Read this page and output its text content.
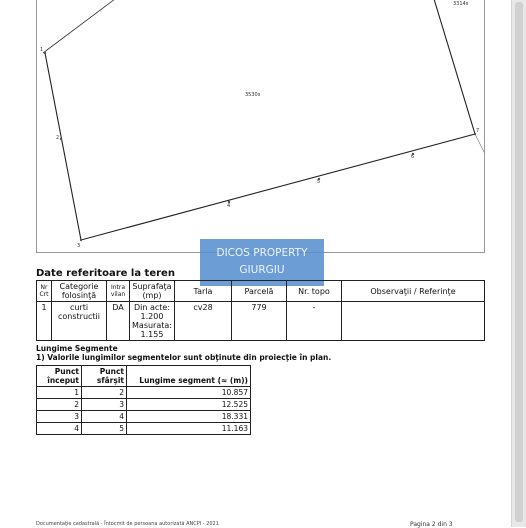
1
2
3
4
5
6
7
3530s
3314s
DICOS PROPERTY
GIURGIU
Date referitoare la teren
Nr Crt	Categorie folosinţă	Intra vilan	Suprafaţa (mp)	Tarla	Parcelă	Nr. topo	Observaţii / Referinţe
1	curti constructii	DA	Din acte:
1.200
Masurata:
1.155	cv28	779	-	
Lungime Segmente
1) Valorile lungimilor segmentelor sunt obţinute din proiecţie în plan.
Punct început	Punct sfârşit	Lungime segment (≈ (m))
1	2	10.857
2	3	12.525
3	4	18.331
4	5	11.163
Documentaţie cadastrală - Întocmit de persoana autorizată ANCPI - 2021	Pagina 2 din 3
